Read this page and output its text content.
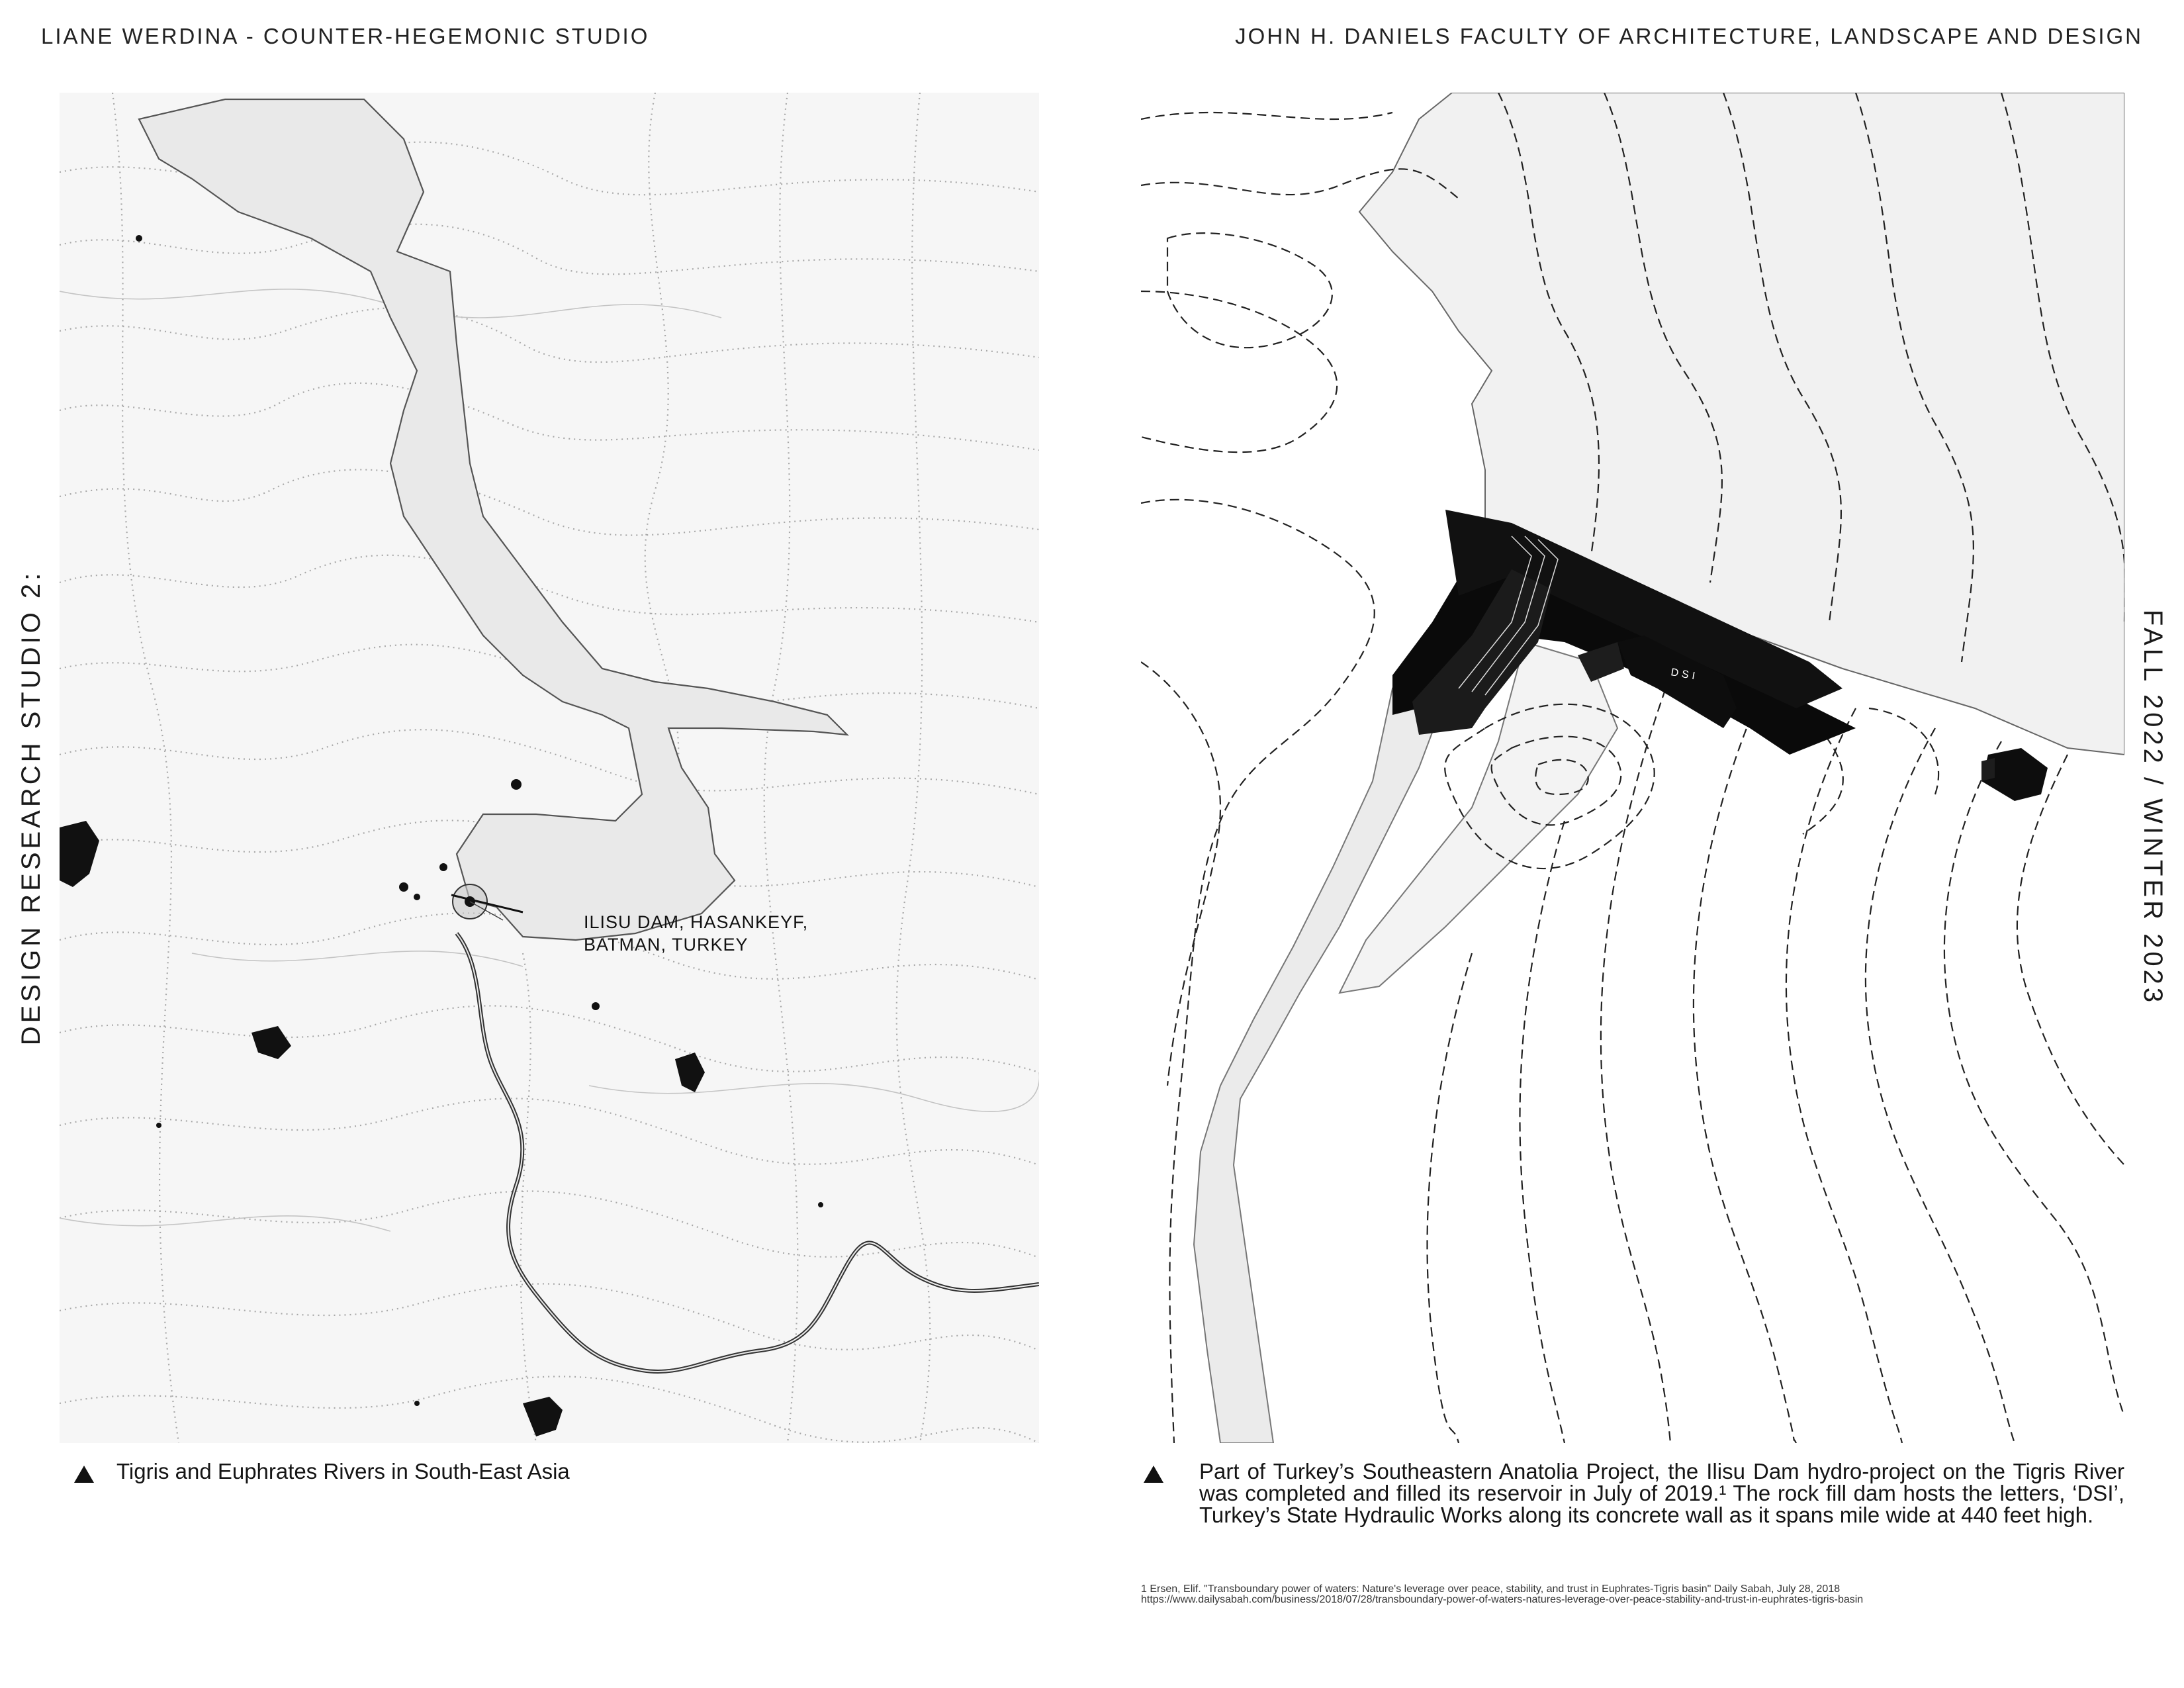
LIANE WERDINA - COUNTER-HEGEMONIC STUDIO	JOHN H. DANIELS FACULTY OF ARCHITECTURE, LANDSCAPE AND DESIGN
DESIGN RESEARCH STUDIO 2:	FALL 2022 / WINTER 2023
ILISU DAM, HASANKEYF,
BATMAN, TURKEY
DSI
Tigris and Euphrates Rivers in South-East Asia	Part of Turkey’s Southeastern Anatolia Project, the Ilisu Dam hydro-project on the Tigris River was completed and filled its reservoir in July of 2019.¹ The rock fill dam hosts the letters, ‘DSI’, Turkey’s State Hydraulic Works along its concrete wall as it spans mile wide at 440 feet high.
1 Ersen, Elif. "Transboundary power of waters: Nature's leverage over peace, stability, and trust in Euphrates-Tigris basin" Daily Sabah, July 28, 2018
https://www.dailysabah.com/business/2018/07/28/transboundary-power-of-waters-natures-leverage-over-peace-stability-and-trust-in-euphrates-tigris-basin
